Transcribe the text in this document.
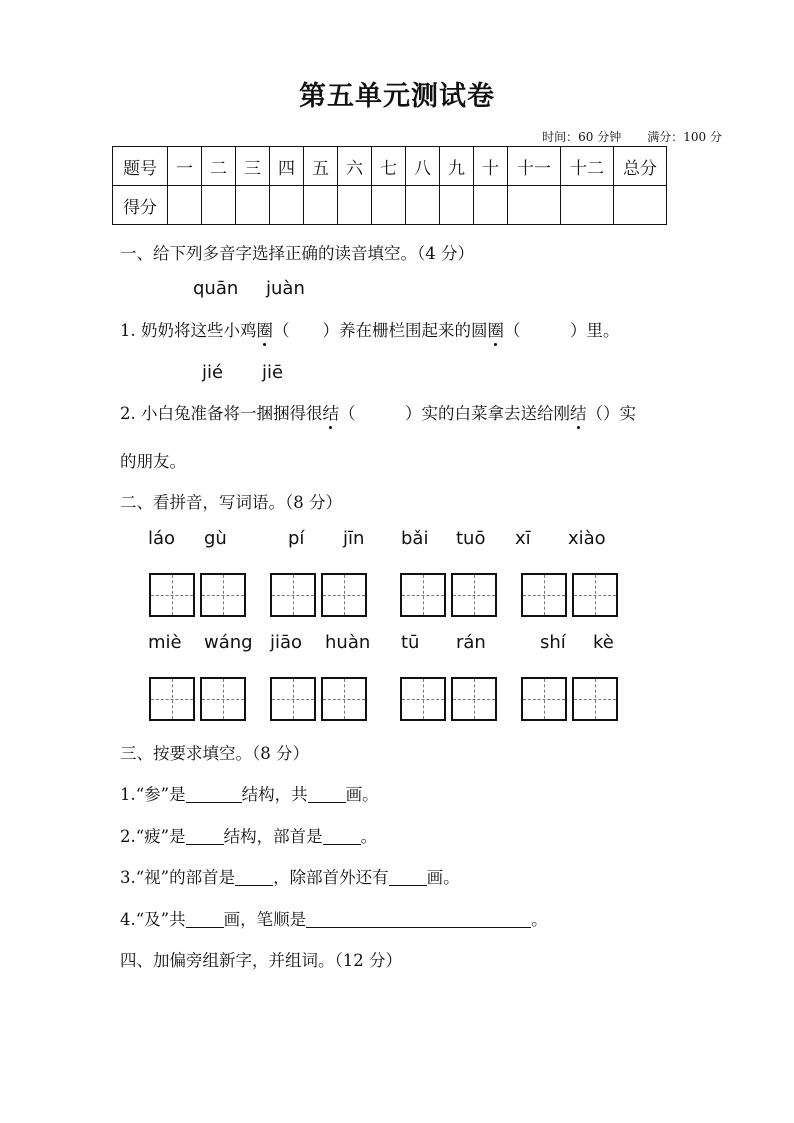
第五单元测试卷
时间：60 分钟 满分：100 分
题号	一	二	三	四	五	六	七	八	九	十	十一	十二	总分
得分													
一、给下列多音字选择正确的读音填空。（4 分）
quān juàn
1. 奶奶将这些小鸡圈（　　）养在栅栏围起来的圆圈（　　　）里。
jié jiē
2. 小白兔准备将一捆捆得很结（　　　）实的白菜拿去送给刚结（）实
的朋友。
二、看拼音，写词语。（8 分）
láo gù	pí jīn bǎi tuō xī xiào
miè wáng jiāo huàn tū rán	shí kè
三、按要求填空。（8 分）
1.“参”是	结构，共 画。
2.“疲”是 结构，部首是 。
3.“视”的部首是 ，除部首外还有 画。
4.“及”共 画，笔顺是	。
四、加偏旁组新字，并组词。（12 分）
